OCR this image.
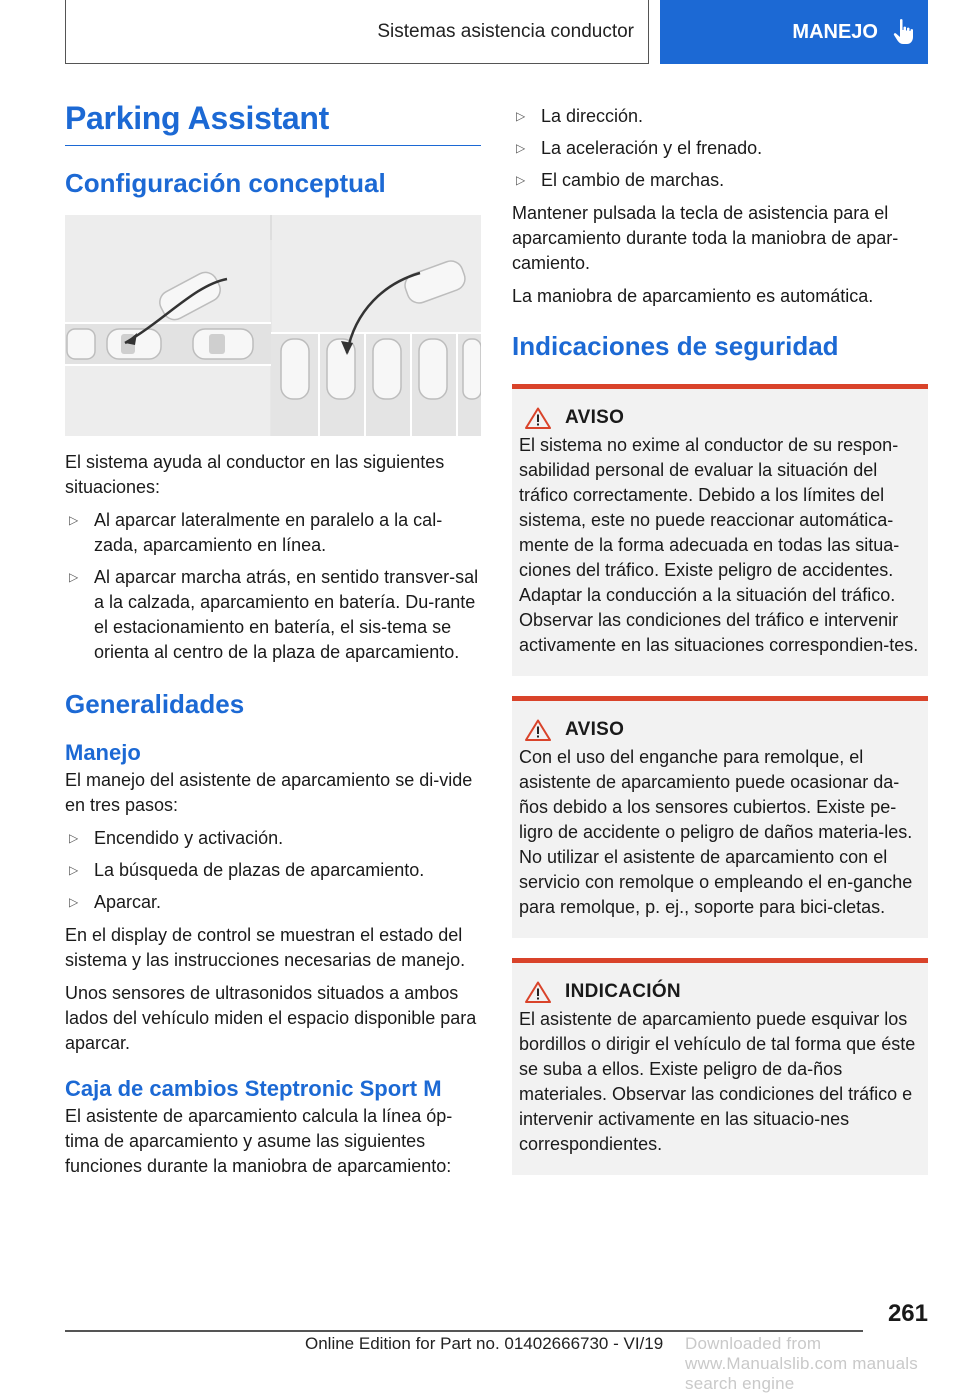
Sistemas asistencia conductor	MANEJO
Parking Assistant
Configuración conceptual

El sistema ayuda al conductor en las siguientes situaciones:

▷ Al aparcar lateralmente en paralelo a la cal-zada, aparcamiento en línea.
▷ Al aparcar marcha atrás, en sentido transver-sal a la calzada, aparcamiento en batería. Du-rante el estacionamiento en batería, el sis-tema se orienta al centro de la plaza de aparcamiento.
Generalidades
Manejo

El manejo del asistente de aparcamiento se di-vide en tres pasos:

▷ Encendido y activación.
▷ La búsqueda de plazas de aparcamiento.
▷ Aparcar.

En el display de control se muestran el estado del sistema y las instrucciones necesarias de manejo.

Unos sensores de ultrasonidos situados a ambos lados del vehículo miden el espacio disponible para aparcar.

Caja de cambios Steptronic Sport M

El asistente de aparcamiento calcula la línea óp-tima de aparcamiento y asume las siguientes funciones durante la maniobra de aparcamiento:

▷ La dirección.
▷ La aceleración y el frenado.
▷ El cambio de marchas.

Mantener pulsada la tecla de asistencia para el aparcamiento durante toda la maniobra de apar-camiento.

La maniobra de aparcamiento es automática.

Indicaciones de seguridad
AVISO

El sistema no exime al conductor de su respon-sabilidad personal de evaluar la situación del tráfico correctamente. Debido a los límites del sistema, este no puede reaccionar automática-mente de la forma adecuada en todas las situa-ciones del tráfico. Existe peligro de accidentes. Adaptar la conducción a la situación del tráfico. Observar las condiciones del tráfico e intervenir activamente en las situaciones correspondien-tes.

AVISO

Con el uso del enganche para remolque, el asistente de aparcamiento puede ocasionar da-ños debido a los sensores cubiertos. Existe pe-ligro de accidente o peligro de daños materia-les. No utilizar el asistente de aparcamiento con el servicio con remolque o empleando el en-ganche para remolque, p. ej., soporte para bici-cletas.

INDICACIÓN

El asistente de aparcamiento puede esquivar los bordillos o dirigir el vehículo de tal forma que éste se suba a ellos. Existe peligro de da-ños materiales. Observar las condiciones del tráfico e intervenir activamente en las situacio-nes correspondientes.

261
Online Edition for Part no. 01402666730 - VI/19 Downloaded from www.Manualslib.com manuals search engine
